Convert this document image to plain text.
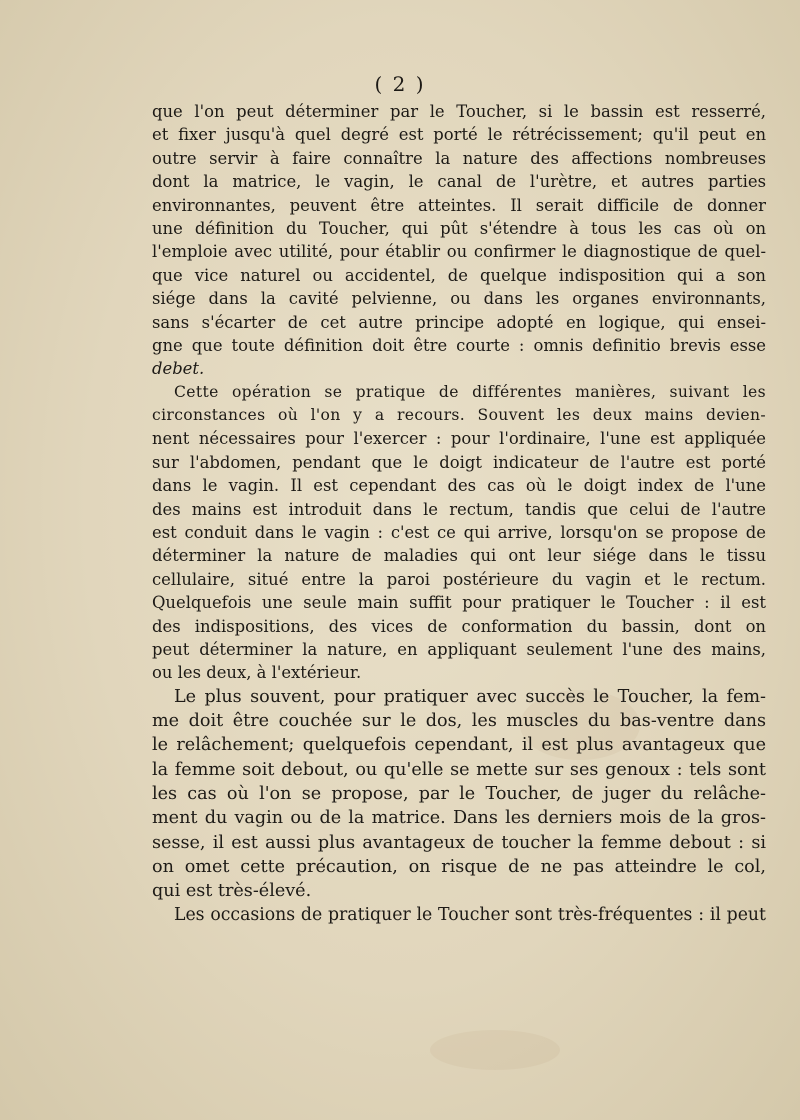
( 2 )
que l'on peut déterminer par le Toucher, si le bassin est resserré,
et fixer jusqu'à quel degré est porté le rétrécissement; qu'il peut en
outre servir à faire connaître la nature des affections nombreuses
dont la matrice, le vagin, le canal de l'urètre, et autres parties
environnantes, peuvent être atteintes. Il serait difficile de donner
une définition du Toucher, qui pût s'étendre à tous les cas où on
l'emploie avec utilité, pour établir ou confirmer le diagnostique de quel-
que vice naturel ou accidentel, de quelque indisposition qui a son
siége dans la cavité pelvienne, ou dans les organes environnants,
sans s'écarter de cet autre principe adopté en logique, qui ensei-
gne que toute définition doit être courte : omnis definitio brevis esse
debet.
Cette opération se pratique de différentes manières, suivant les
circonstances où l'on y a recours. Souvent les deux mains devien-
nent nécessaires pour l'exercer : pour l'ordinaire, l'une est appliquée
sur l'abdomen, pendant que le doigt indicateur de l'autre est porté
dans le vagin. Il est cependant des cas où le doigt index de l'une
des mains est introduit dans le rectum, tandis que celui de l'autre
est conduit dans le vagin : c'est ce qui arrive, lorsqu'on se propose de
déterminer la nature de maladies qui ont leur siége dans le tissu
cellulaire, situé entre la paroi postérieure du vagin et le rectum.
Quelquefois une seule main suffit pour pratiquer le Toucher : il est
des indispositions, des vices de conformation du bassin, dont on
peut déterminer la nature, en appliquant seulement l'une des mains,
ou les deux, à l'extérieur.
Le plus souvent, pour pratiquer avec succès le Toucher, la fem-
me doit être couchée sur le dos, les muscles du bas-ventre dans
le relâchement; quelquefois cependant, il est plus avantageux que
la femme soit debout, ou qu'elle se mette sur ses genoux : tels sont
les cas où l'on se propose, par le Toucher, de juger du relâche-
ment du vagin ou de la matrice. Dans les derniers mois de la gros-
sesse, il est aussi plus avantageux de toucher la femme debout : si
on omet cette précaution, on risque de ne pas atteindre le col,
qui est très-élevé.
Les occasions de pratiquer le Toucher sont très-fréquentes : il peut
